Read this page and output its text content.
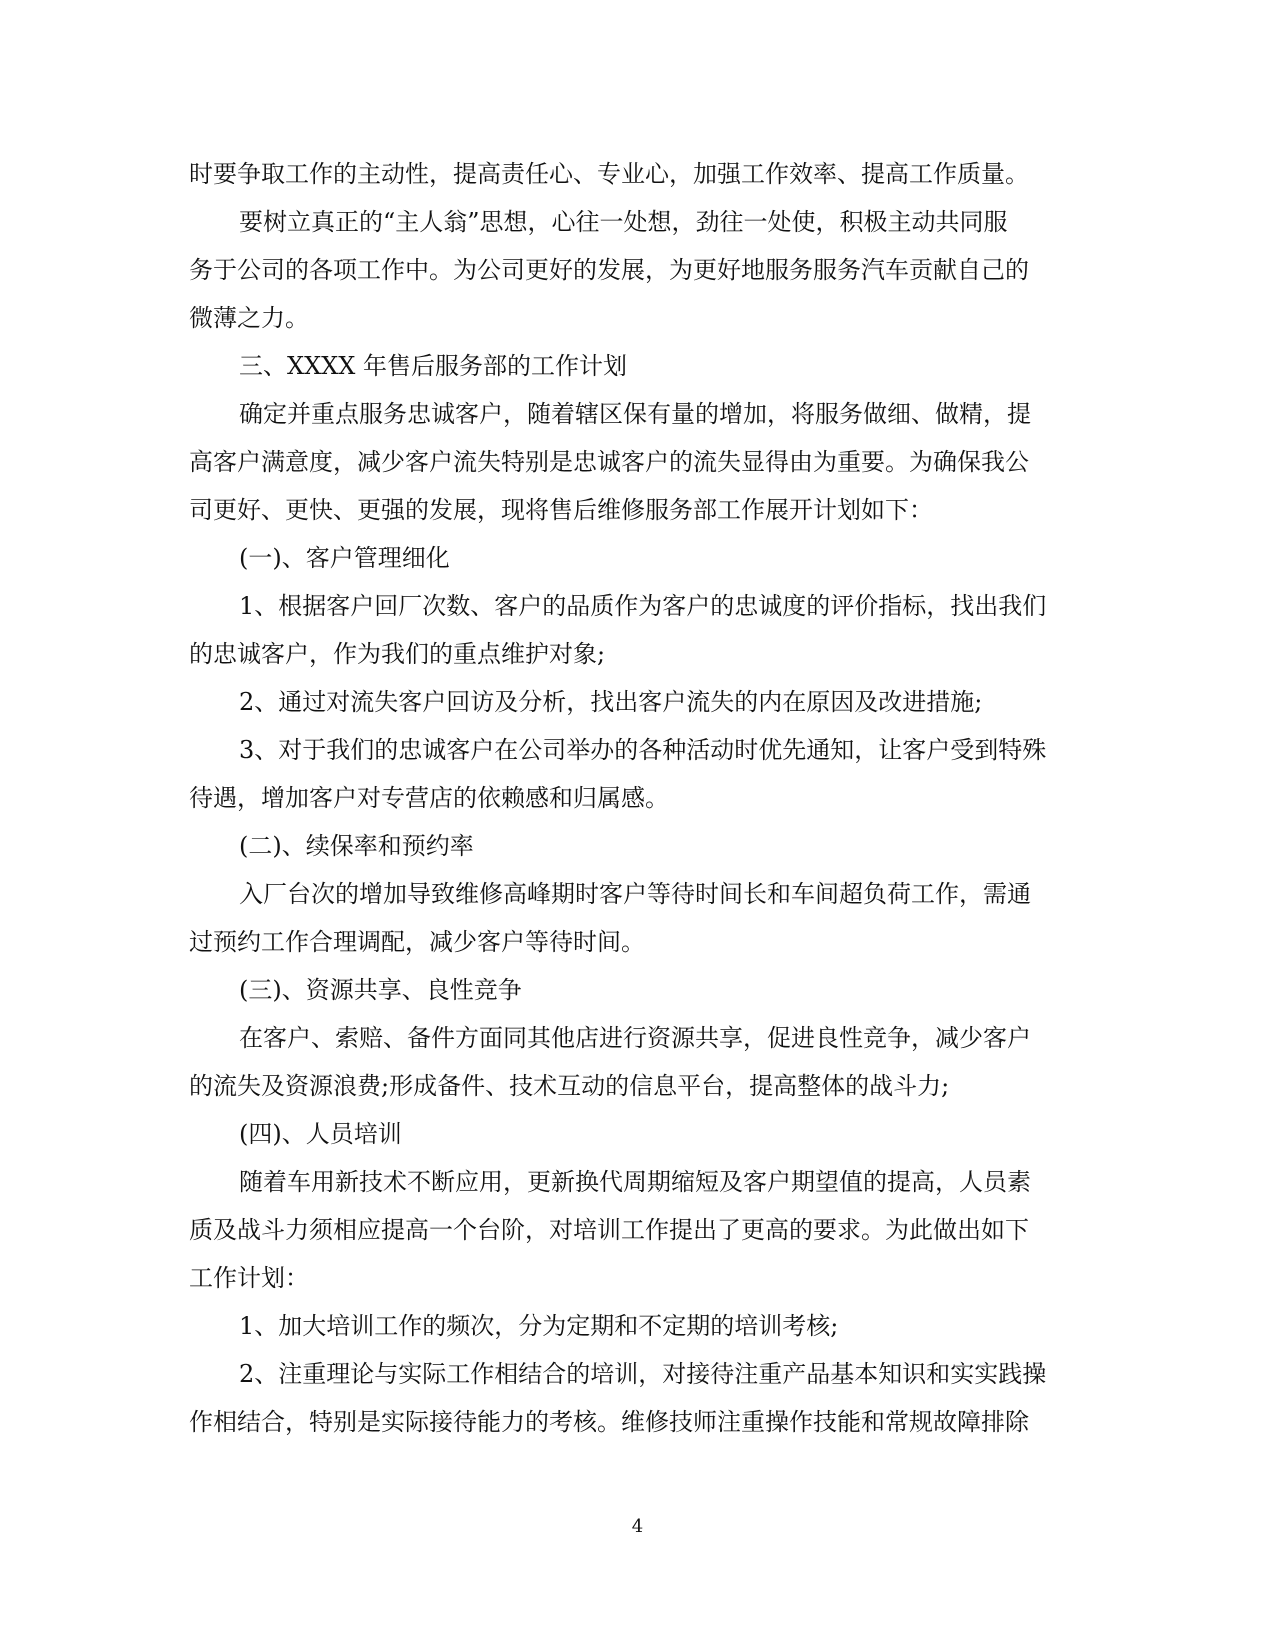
时要争取工作的主动性，提高责任心、专业心，加强工作效率、提高工作质量。
要树立真正的“主人翁”思想，心往一处想，劲往一处使，积极主动共同服
务于公司的各项工作中。为公司更好的发展，为更好地服务服务汽车贡献自己的
微薄之力。
三、XXXX 年售后服务部的工作计划
确定并重点服务忠诚客户，随着辖区保有量的增加，将服务做细、做精，提
高客户满意度，减少客户流失特别是忠诚客户的流失显得由为重要。为确保我公
司更好、更快、更强的发展，现将售后维修服务部工作展开计划如下：
(一)、客户管理细化
1、根据客户回厂次数、客户的品质作为客户的忠诚度的评价指标，找出我们
的忠诚客户，作为我们的重点维护对象;
2、通过对流失客户回访及分析，找出客户流失的内在原因及改进措施;
3、对于我们的忠诚客户在公司举办的各种活动时优先通知，让客户受到特殊
待遇，增加客户对专营店的依赖感和归属感。
(二)、续保率和预约率
入厂台次的增加导致维修高峰期时客户等待时间长和车间超负荷工作，需通
过预约工作合理调配，减少客户等待时间。
(三)、资源共享、良性竞争
在客户、索赔、备件方面同其他店进行资源共享，促进良性竞争，减少客户
的流失及资源浪费;形成备件、技术互动的信息平台，提高整体的战斗力;
(四)、人员培训
随着车用新技术不断应用，更新换代周期缩短及客户期望值的提高，人员素
质及战斗力须相应提高一个台阶，对培训工作提出了更高的要求。为此做出如下
工作计划：
1、加大培训工作的频次，分为定期和不定期的培训考核;
2、注重理论与实际工作相结合的培训，对接待注重产品基本知识和实实践操
作相结合，特别是实际接待能力的考核。维修技师注重操作技能和常规故障排除
4
